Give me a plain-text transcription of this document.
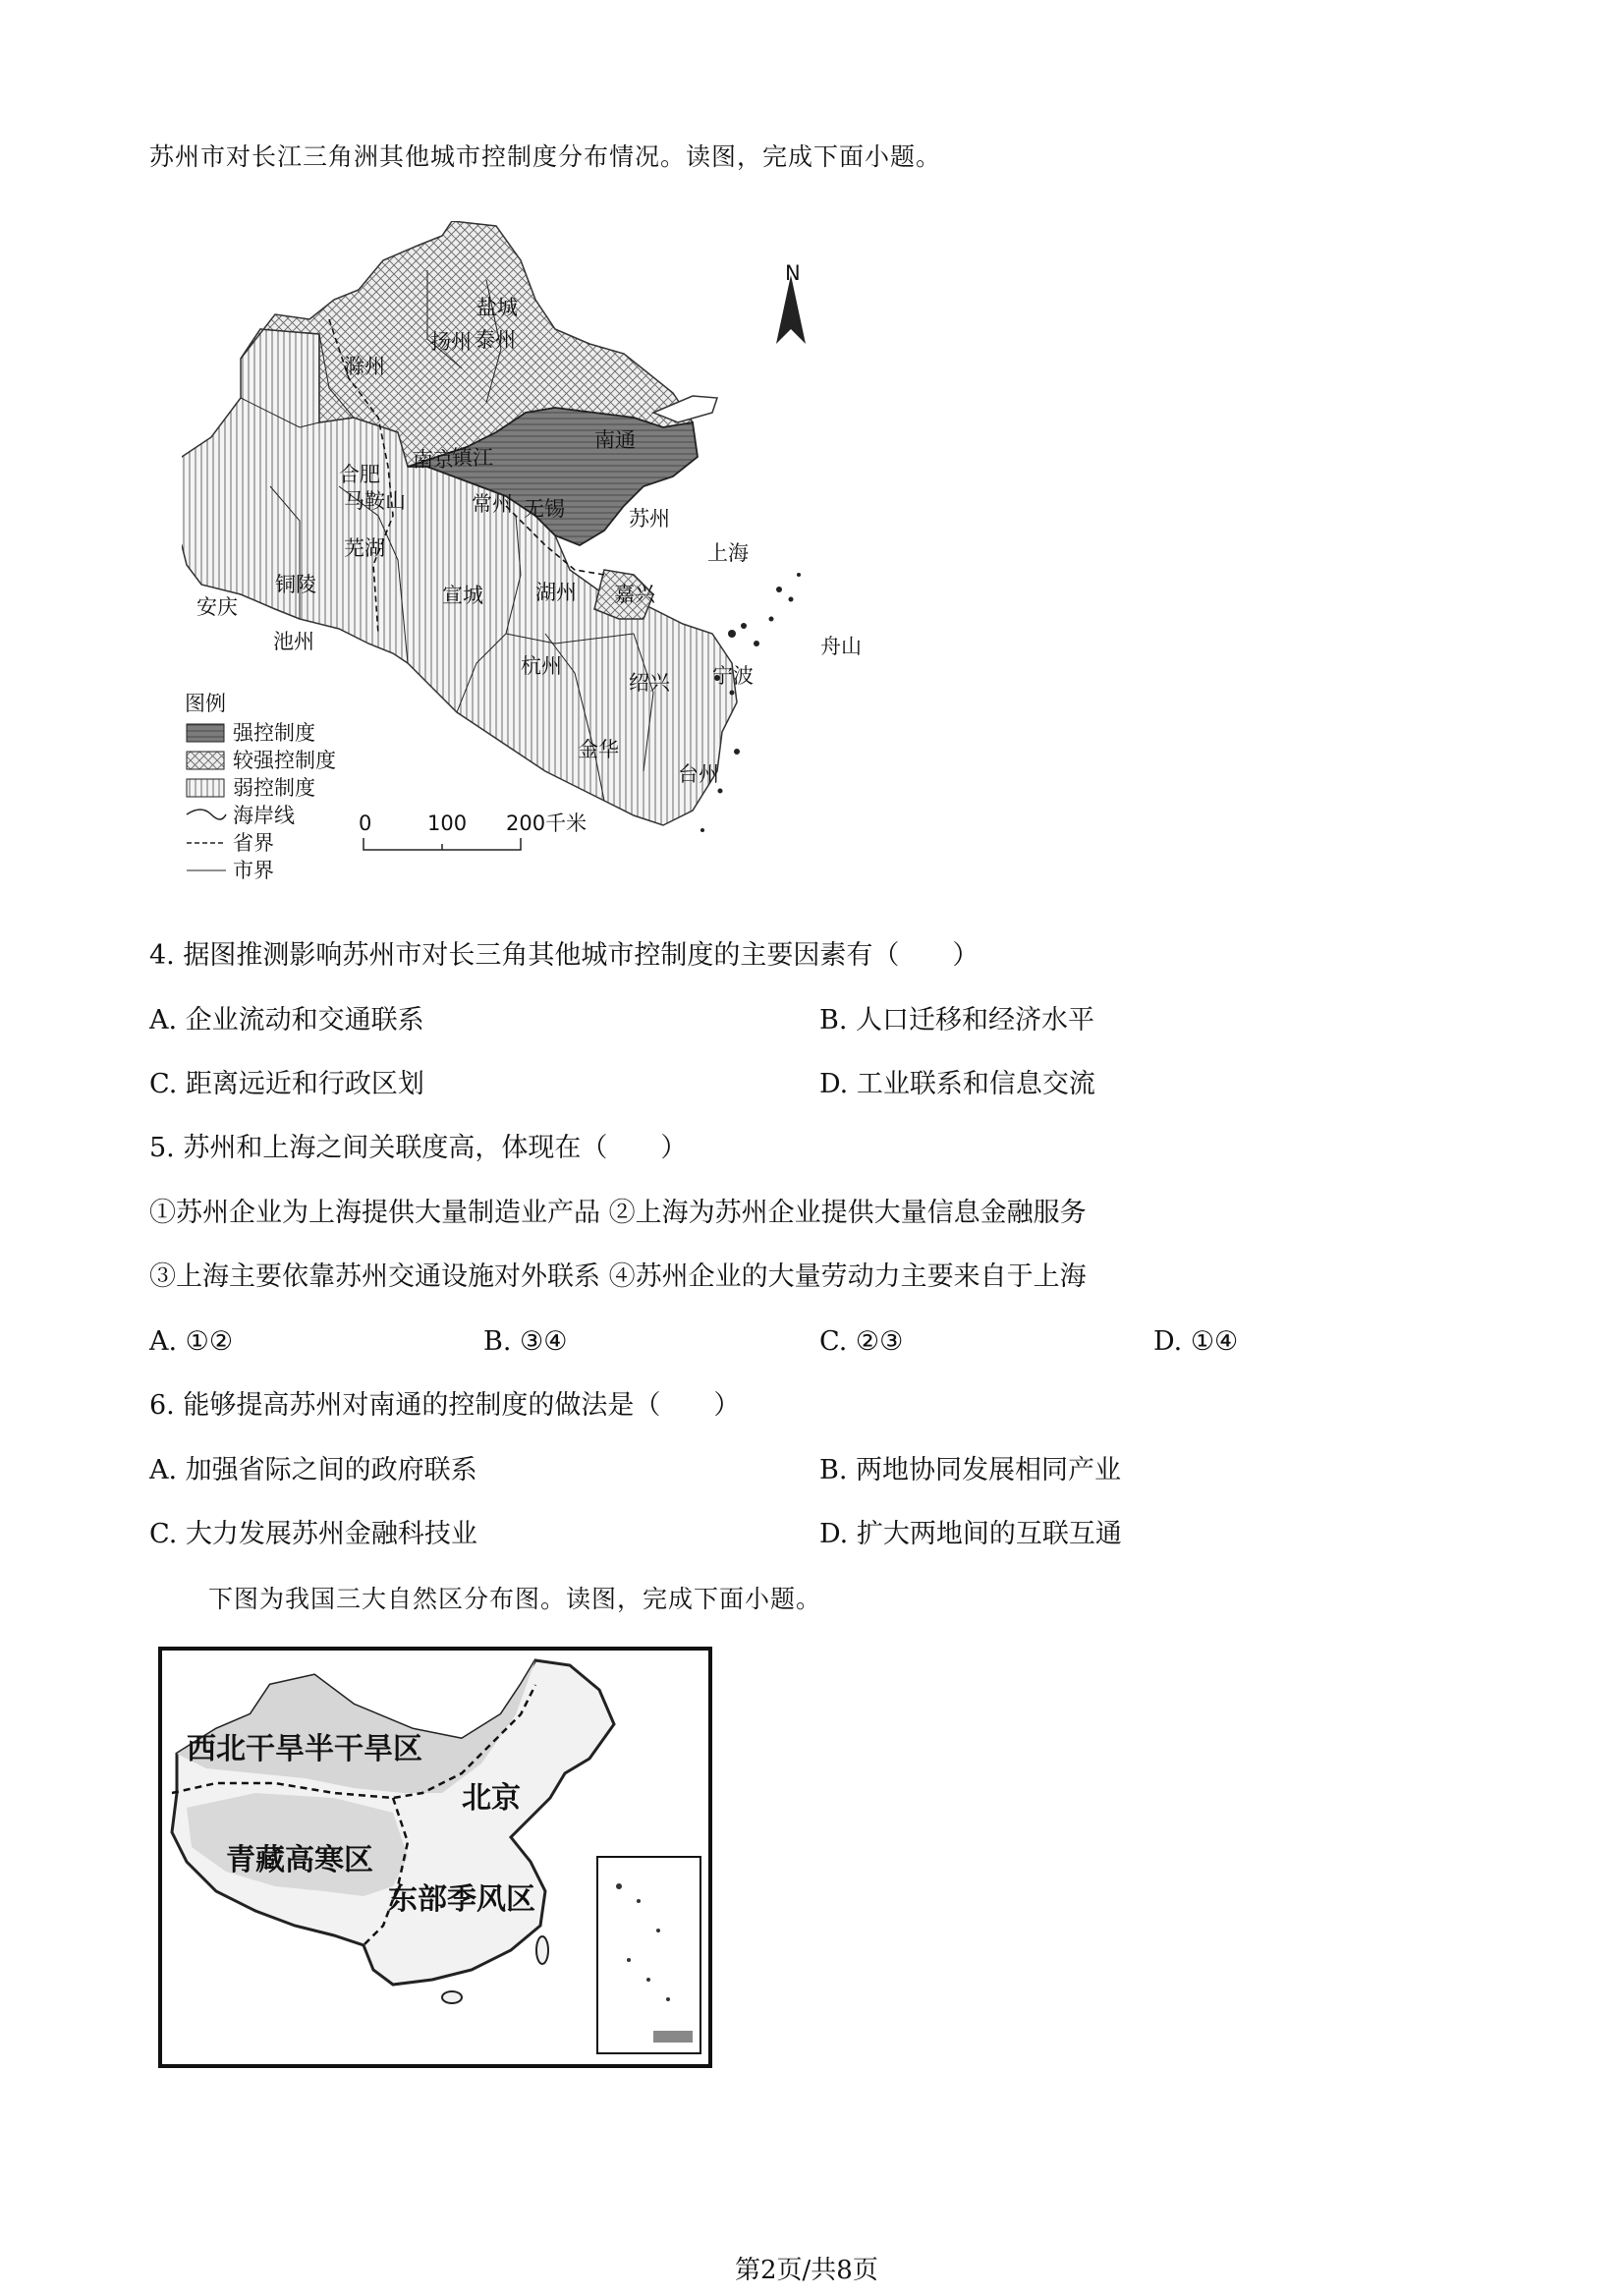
苏州市对长江三角洲其他城市控制度分布情况。读图，完成下面小题。
N
盐城
滁州
扬州 泰州
南通
合肥
南京
镇江
马鞍山	常州 无锡	苏州
上海
芜湖
铜陵
安庆
池州
宣城	湖州 嘉兴
舟山
杭州
绍兴 宁波
金华
台州
图例
强控制度
较强控制度
弱控制度
海岸线
省界
市界
0	100 200千米
4. 据图推测影响苏州市对长三角其他城市控制度的主要因素有（　　）
A. 企业流动和交通联系	B. 人口迁移和经济水平
C. 距离远近和行政区划	D. 工业联系和信息交流
5. 苏州和上海之间关联度高，体现在（　　）
①苏州企业为上海提供大量制造业产品 ②上海为苏州企业提供大量信息金融服务
③上海主要依靠苏州交通设施对外联系 ④苏州企业的大量劳动力主要来自于上海
A. ①②	B. ③④	C. ②③	D. ①④
6. 能够提高苏州对南通的控制度的做法是（　　）
A. 加强省际之间的政府联系	B. 两地协同发展相同产业
C. 大力发展苏州金融科技业	D. 扩大两地间的互联互通
下图为我国三大自然区分布图。读图，完成下面小题。
西北干旱半干旱区
北京
青藏高寒区
东部季风区
第2页/共8页
